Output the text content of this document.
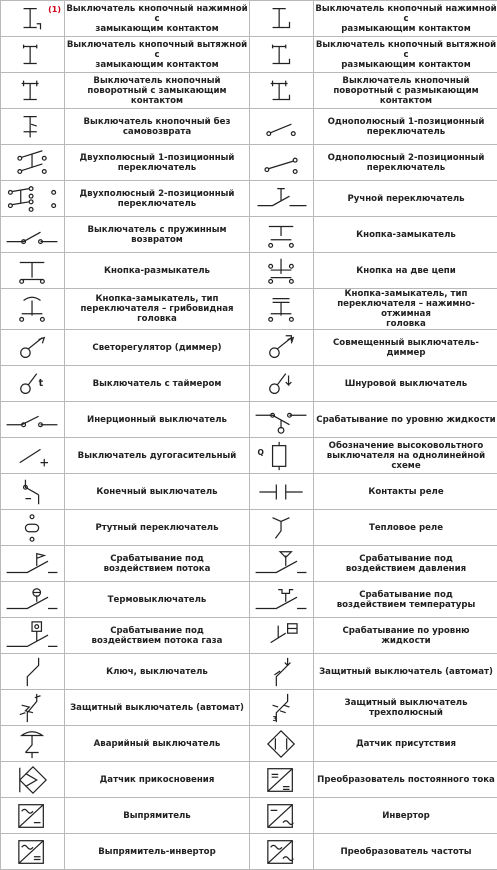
(1)	Выключатель кнопочный нажимной с
замыкающим контактом		Выключатель кнопочный нажимной с
размыкающим контактом

	Выключатель кнопочный вытяжной с
замыкающим контактом		Выключатель кнопочный вытяжной с
размыкающим контактом

	Выключатель кнопочный
поворотный с замыкающим
контактом		Выключатель кнопочный
поворотный с размыкающим
контактом

	Выключатель кнопочный без
самовозврата		Однополюсный 1-позиционный
переключатель

	Двухполюсный 1-позиционный
переключатель		Однополюсный 2-позиционный
переключатель

	Двухполюсный 2-позиционный
переключатель		Ручной переключатель

	Выключатель с пружинным
возвратом		Кнопка-замыкатель

	Кнопка-размыкатель		Кнопка на две цепи

	Кнопка-замыкатель, тип
переключателя – грибовидная
головка		Кнопка-замыкатель, тип
переключателя – нажимно-отжимная
головка

	Светорегулятор (диммер)		Совмещенный выключатель-диммер

t	Выключатель с таймером		Шнуровой выключатель

	Инерционный выключатель		Срабатывание по уровню жидкости

	Выключатель дугогасительный	Q	Обозначение высоковольтного
выключателя на однолинейной схеме

	Конечный выключатель		Контакты реле

	Ртутный переключатель		Тепловое реле

	Срабатывание под
воздействием потока		Срабатывание под
воздействием давления

	Термовыключатель		Срабатывание под
воздействием температуры

	Срабатывание под
воздействием потока газа		Срабатывание по уровню
жидкости

	Ключ, выключатель		Защитный выключатель (автомат)

	Защитный выключатель (автомат)	3	Защитный выключатель
трехполюсный

	Аварийный выключатель		Датчик присутствия

	Датчик прикосновения		Преобразователь постоянного тока

	Выпрямитель		Инвертор

	Выпрямитель-инвертор		Преобразователь частоты
